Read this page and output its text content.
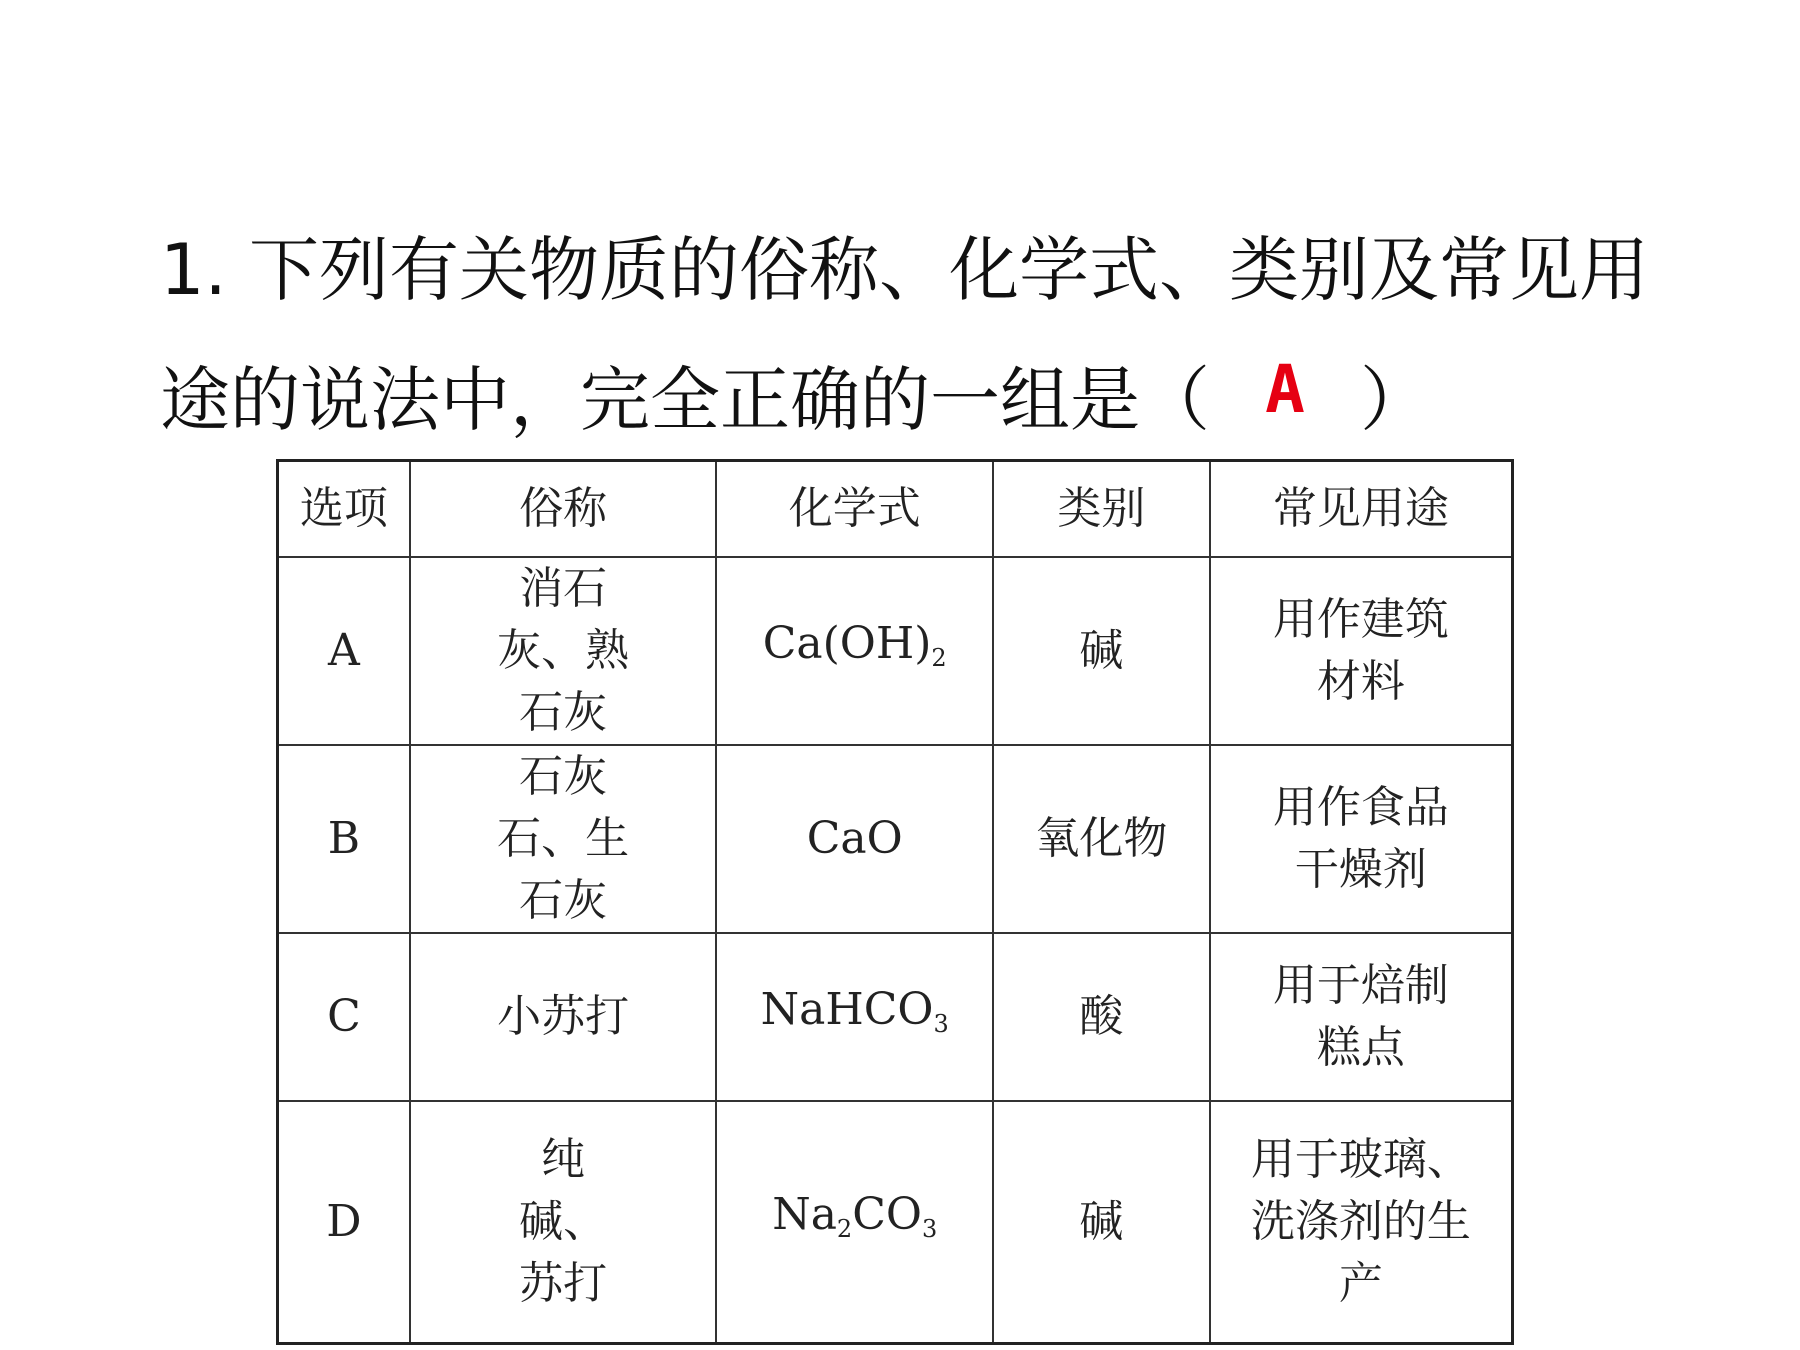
1. 下列有关物质的俗称、化学式、类别及常见用
途的说法中，完全正确的一组是（ A ）
选项	俗称	化学式	类别	常见用途
A	消石灰、熟石灰	$Ca(OH)_2$	碱	用作建筑材料
B	石灰石、生石灰	CaO	氧化物	用作食品干燥剂
C	小苏打	NaHCO$_3$	酸	用于焙制糕点
D	纯碱、苏打	$Na_2CO_3$	碱	用于玻璃、洗涤剂的生产
